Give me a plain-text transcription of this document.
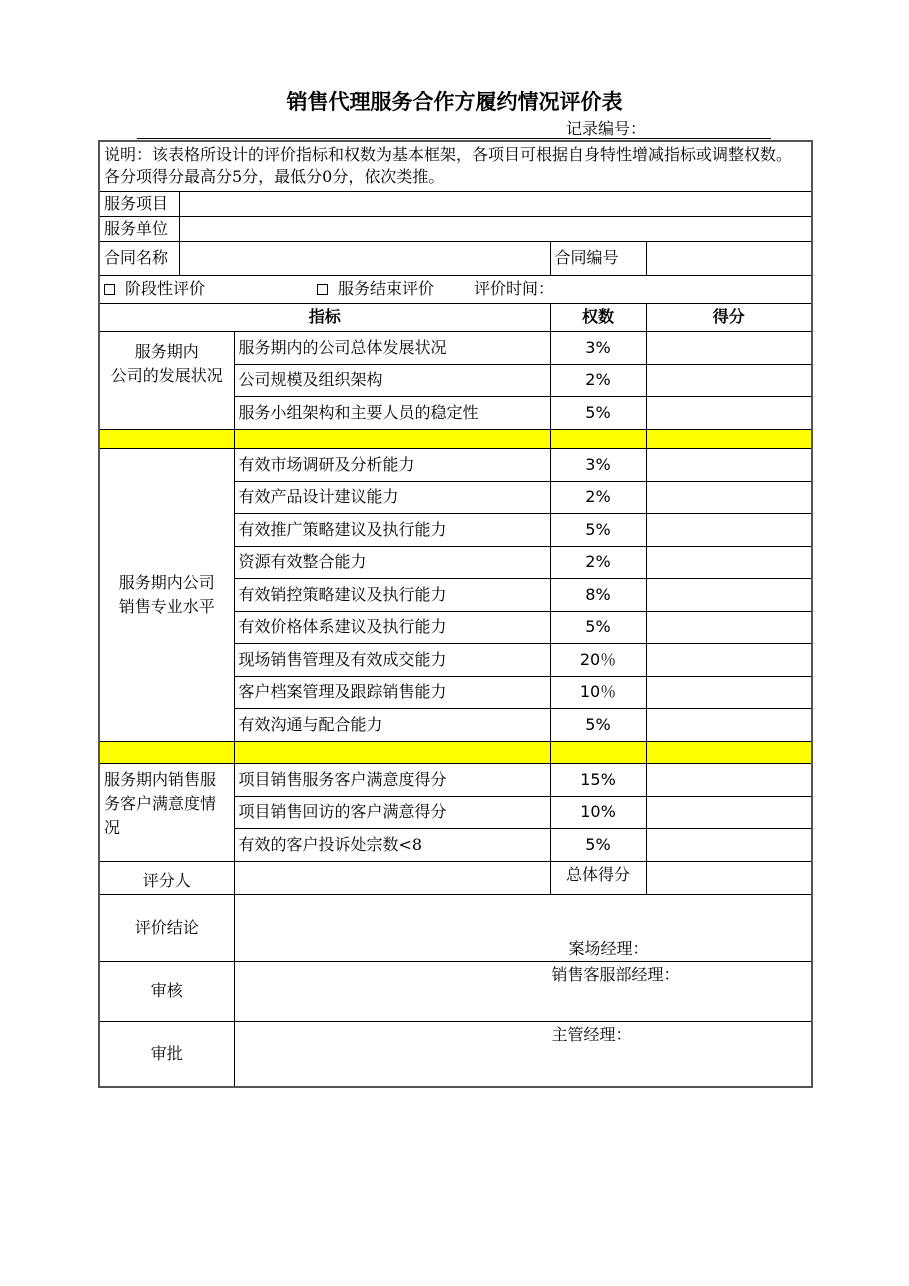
销售代理服务合作方履约情况评价表
记录编号：
说明：该表格所设计的评价指标和权数为基本框架，各项目可根据自身特性增减指标或调整权数。各分项得分最高分5分，最低分0分，依次类推。				
服务项目				
服务单位				
合同名称			合同编号	
阶段性评价 服务结束评价 评价时间：				
指标			权数	得分
服务期内
公司的发展状况		服务期内的公司总体发展状况	3%	
		公司规模及组织架构	2%	
		服务小组架构和主要人员的稳定性	5%	

服务期内公司
销售专业水平		有效市场调研及分析能力	3%	
		有效产品设计建议能力	2%	
		有效推广策略建议及执行能力	5%	
		资源有效整合能力	2%	
		有效销控策略建议及执行能力	8%	
		有效价格体系建议及执行能力	5%	
		现场销售管理及有效成交能力	20％	
		客户档案管理及跟踪销售能力	10％	
		有效沟通与配合能力	5%	

服务期内销售服务客户满意度情况		项目销售服务客户满意度得分	15%	
		项目销售回访的客户满意得分	10%	
		有效的客户投诉处宗数<8	5%	
评分人			总体得分	
评价结论		案场经理：		

审核		销售客服部经理：		

审批		主管经理：		
